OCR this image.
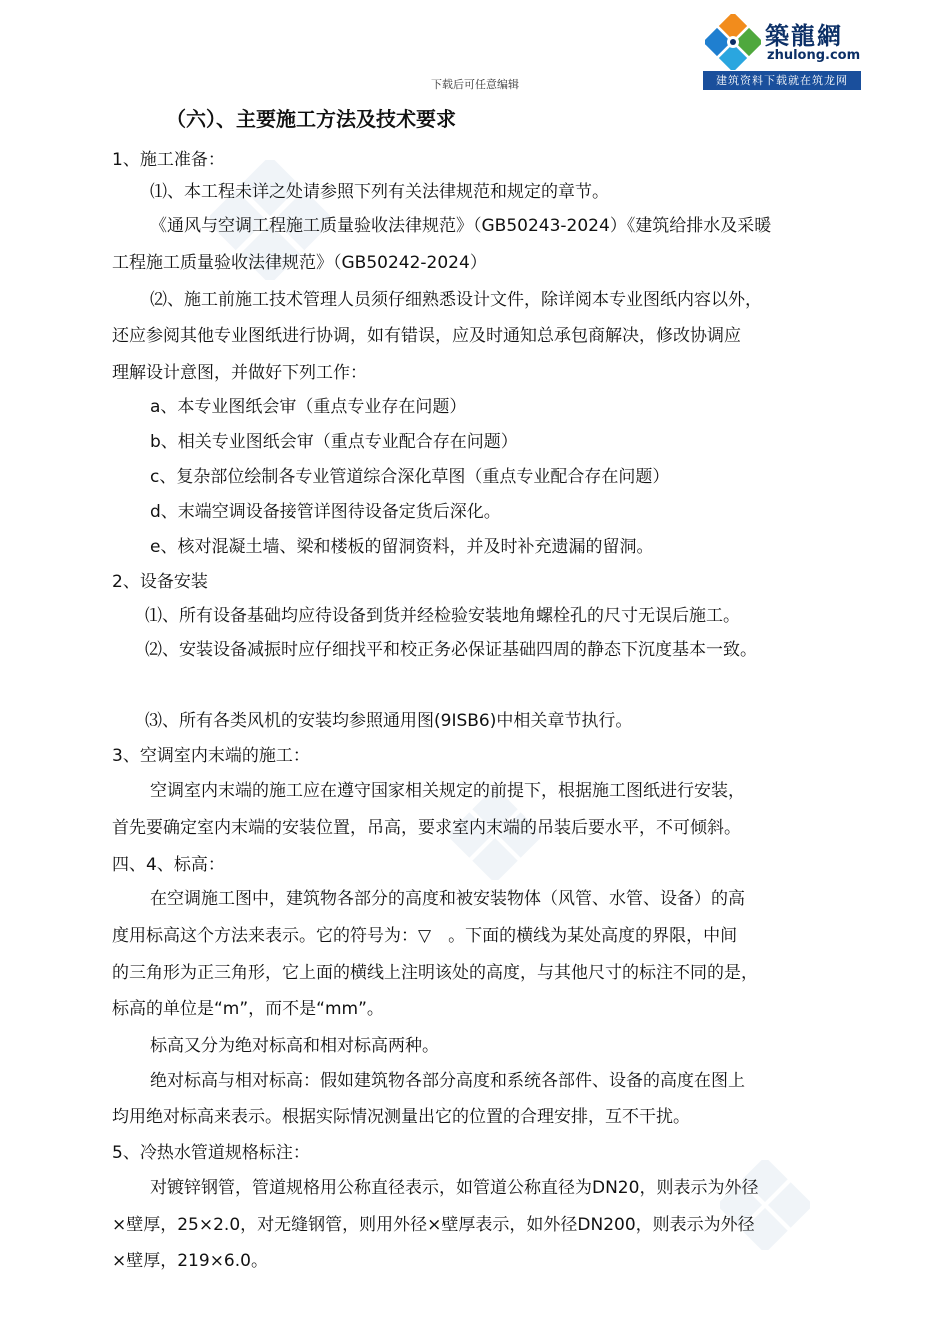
下载后可任意编辑
築龍網
zhulong.com
建筑资料下载就在筑龙网
（六）、主要施工方法及技术要求
1、施工准备：
⑴、本工程未详之处请参照下列有关法律规范和规定的章节。
《通风与空调工程施工质量验收法律规范》（GB50243-2024）《建筑给排水及采暖
工程施工质量验收法律规范》（GB50242-2024）
⑵、施工前施工技术管理人员须仔细熟悉设计文件，除详阅本专业图纸内容以外，
还应参阅其他专业图纸进行协调，如有错误，应及时通知总承包商解决，修改协调应
理解设计意图，并做好下列工作：
a、本专业图纸会审（重点专业存在问题）
b、相关专业图纸会审（重点专业配合存在问题）
c、复杂部位绘制各专业管道综合深化草图（重点专业配合存在问题）
d、末端空调设备接管详图待设备定货后深化。
e、核对混凝土墙、梁和楼板的留洞资料，并及时补充遗漏的留洞。
2、设备安装
⑴、所有设备基础均应待设备到货并经检验安装地角螺栓孔的尺寸无误后施工。
⑵、安装设备减振时应仔细找平和校正务必保证基础四周的静态下沉度基本一致。
⑶、所有各类风机的安装均参照通用图(9ISB6)中相关章节执行。
3、空调室内末端的施工：
空调室内末端的施工应在遵守国家相关规定的前提下，根据施工图纸进行安装，
首先要确定室内末端的安装位置，吊高，要求室内末端的吊装后要水平，不可倾斜。
四、4、标高：
在空调施工图中，建筑物各部分的高度和被安装物体（风管、水管、设备）的高
度用标高这个方法来表示。它的符号为：▽　。下面的横线为某处高度的界限，中间
的三角形为正三角形，它上面的横线上注明该处的高度，与其他尺寸的标注不同的是，
标高的单位是“m”，而不是“mm”。
标高又分为绝对标高和相对标高两种。
绝对标高与相对标高：假如建筑物各部分高度和系统各部件、设备的高度在图上
均用绝对标高来表示。根据实际情况测量出它的位置的合理安排，互不干扰。
5、冷热水管道规格标注：
对镀锌钢管，管道规格用公称直径表示，如管道公称直径为DN20，则表示为外径
×壁厚，25×2.0，对无缝钢管，则用外径×壁厚表示，如外径DN200，则表示为外径
×壁厚，219×6.0。
